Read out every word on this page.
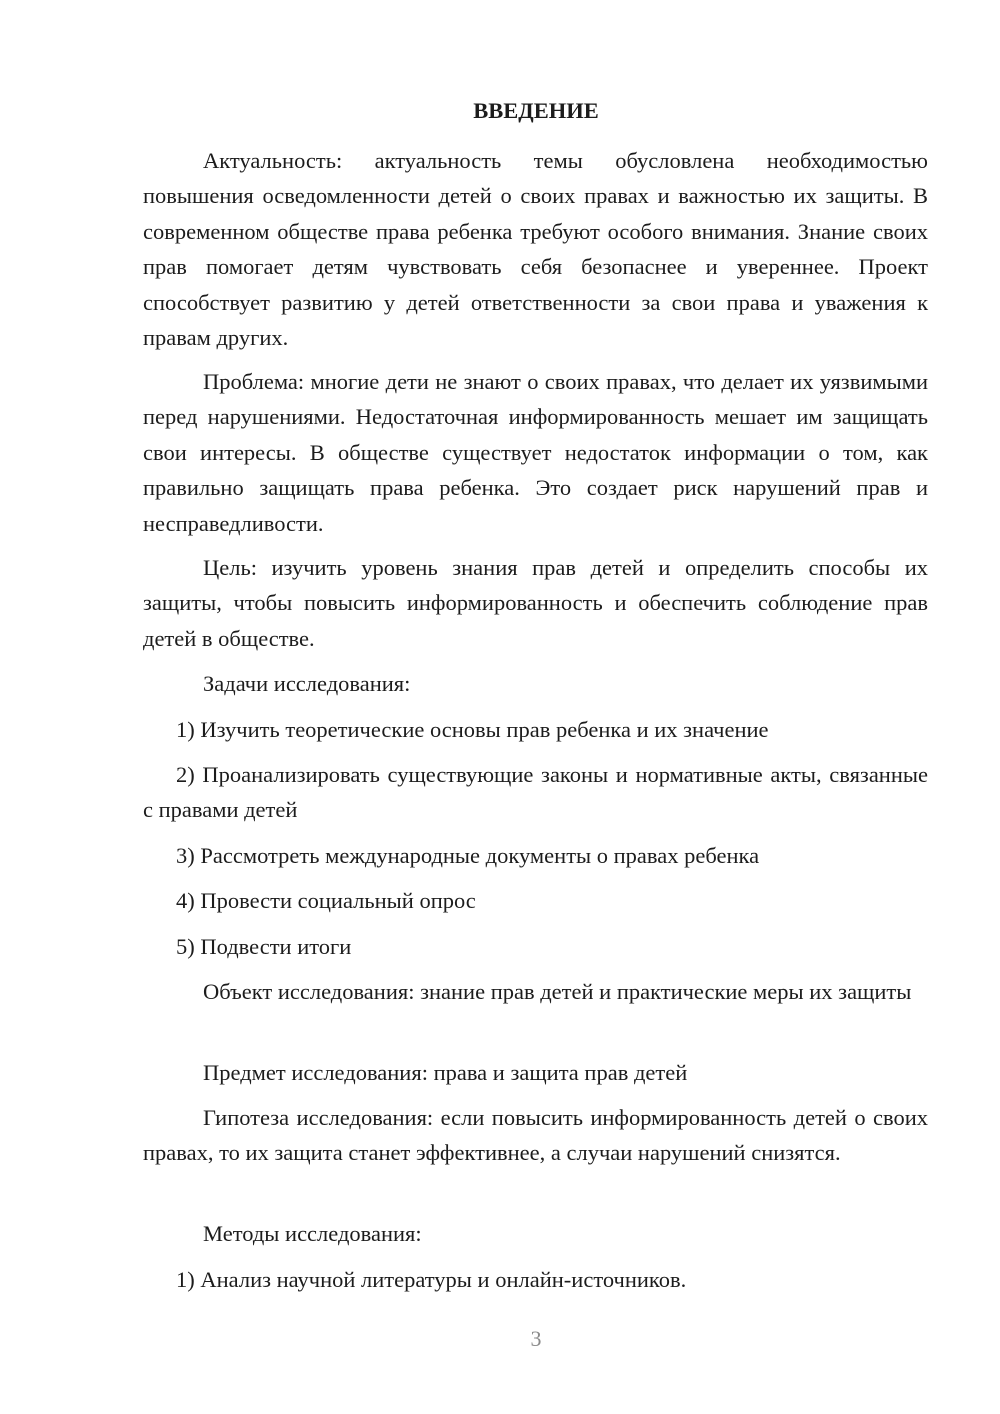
ВВЕДЕНИЕ

Актуальность: актуальность темы обусловлена необходимостью повышения осведомленности детей о своих правах и важностью их защиты. В современном обществе права ребенка требуют особого внимания. Знание своих прав помогает детям чувствовать себя безопаснее и увереннее. Проект способствует развитию у детей ответственности за свои права и уважения к правам других.

Проблема: многие дети не знают о своих правах, что делает их уязвимыми перед нарушениями. Недостаточная информированность мешает им защищать свои интересы. В обществе существует недостаток информации о том, как правильно защищать права ребенка. Это создает риск нарушений прав и несправедливости.

Цель: изучить уровень знания прав детей и определить способы их защиты, чтобы повысить информированность и обеспечить соблюдение прав детей в обществе.

Задачи исследования:

1) Изучить теоретические основы прав ребенка и их значение

2) Проанализировать существующие законы и нормативные акты, связанные с правами детей

3) Рассмотреть международные документы о правах ребенка

4) Провести социальный опрос

5) Подвести итоги

Объект исследования: знание прав детей и практические меры их защиты

Предмет исследования: права и защита прав детей

Гипотеза исследования: если повысить информированность детей о своих правах, то их защита станет эффективнее, а случаи нарушений снизятся.

Методы исследования:

1) Анализ научной литературы и онлайн-источников.

3
